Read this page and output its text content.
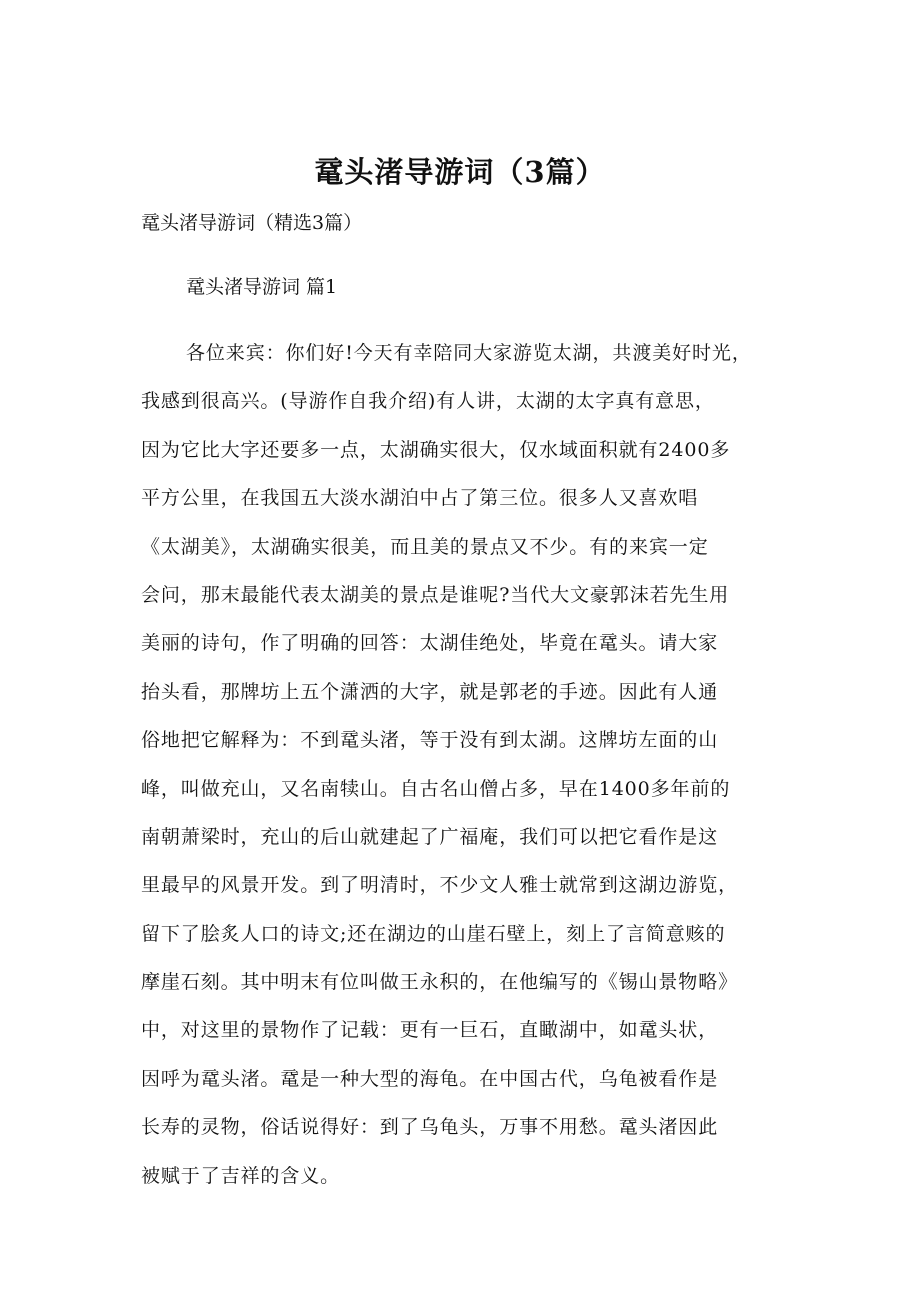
鼋头渚导游词（3篇）
鼋头渚导游词（精选3篇）
鼋头渚导游词 篇1
各位来宾：你们好!今天有幸陪同大家游览太湖，共渡美好时光，
我感到很高兴。(导游作自我介绍)有人讲，太湖的太字真有意思，
因为它比大字还要多一点，太湖确实很大，仅水域面积就有2400多
平方公里，在我国五大淡水湖泊中占了第三位。很多人又喜欢唱
《太湖美》，太湖确实很美，而且美的景点又不少。有的来宾一定
会问，那末最能代表太湖美的景点是谁呢?当代大文豪郭沫若先生用
美丽的诗句，作了明确的回答：太湖佳绝处，毕竟在鼋头。请大家
抬头看，那牌坊上五个潇洒的大字，就是郭老的手迹。因此有人通
俗地把它解释为：不到鼋头渚，等于没有到太湖。这牌坊左面的山
峰，叫做充山，又名南犊山。自古名山僧占多，早在1400多年前的
南朝萧梁时，充山的后山就建起了广福庵，我们可以把它看作是这
里最早的风景开发。到了明清时，不少文人雅士就常到这湖边游览，
留下了脍炙人口的诗文;还在湖边的山崖石壁上，刻上了言简意赅的
摩崖石刻。其中明末有位叫做王永积的，在他编写的《锡山景物略》
中，对这里的景物作了记载：更有一巨石，直瞰湖中，如鼋头状，
因呼为鼋头渚。鼋是一种大型的海龟。在中国古代，乌龟被看作是
长寿的灵物，俗话说得好：到了乌龟头，万事不用愁。鼋头渚因此
被赋于了吉祥的含义。
